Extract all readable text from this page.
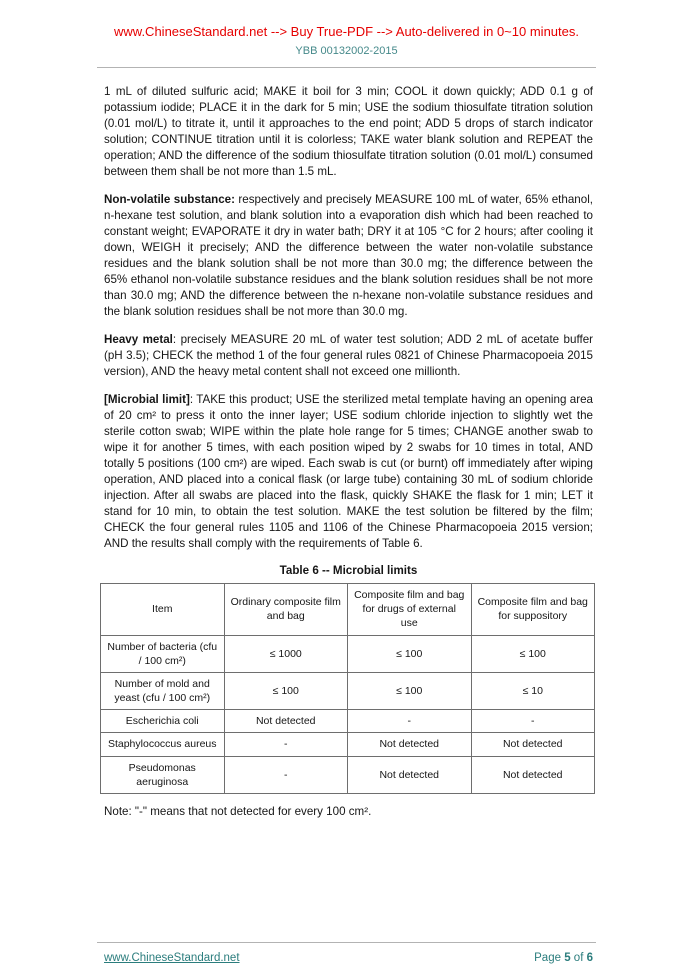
www.ChineseStandard.net --> Buy True-PDF --> Auto-delivered in 0~10 minutes.
YBB 00132002-2015

1 mL of diluted sulfuric acid; MAKE it boil for 3 min; COOL it down quickly; ADD 0.1 g of potassium iodide; PLACE it in the dark for 5 min; USE the sodium thiosulfate titration solution (0.01 mol/L) to titrate it, until it approaches to the end point; ADD 5 drops of starch indicator solution; CONTINUE titration until it is colorless; TAKE water blank solution and REPEAT the operation; AND the difference of the sodium thiosulfate titration solution (0.01 mol/L) consumed between them shall be not more than 1.5 mL.

Non-volatile substance: respectively and precisely MEASURE 100 mL of water, 65% ethanol, n-hexane test solution, and blank solution into a evaporation dish which had been reached to constant weight; EVAPORATE it dry in water bath; DRY it at 105 °C for 2 hours; after cooling it down, WEIGH it precisely; AND the difference between the water non-volatile substance residues and the blank solution shall be not more than 30.0 mg; the difference between the 65% ethanol non-volatile substance residues and the blank solution residues shall be not more than 30.0 mg; AND the difference between the n-hexane non-volatile substance residues and the blank solution residues shall be not more than 30.0 mg.

Heavy metal: precisely MEASURE 20 mL of water test solution; ADD 2 mL of acetate buffer (pH 3.5); CHECK the method 1 of the four general rules 0821 of Chinese Pharmacopoeia 2015 version), AND the heavy metal content shall not exceed one millionth.

[Microbial limit]: TAKE this product; USE the sterilized metal template having an opening area of 20 cm² to press it onto the inner layer; USE sodium chloride injection to slightly wet the sterile cotton swab; WIPE within the plate hole range for 5 times; CHANGE another swab to wipe it for another 5 times, with each position wiped by 2 swabs for 10 times in total, AND totally 5 positions (100 cm²) are wiped. Each swab is cut (or burnt) off immediately after wiping operation, AND placed into a conical flask (or large tube) containing 30 mL of sodium chloride injection. After all swabs are placed into the flask, quickly SHAKE the flask for 1 min; LET it stand for 10 min, to obtain the test solution. MAKE the test solution be filtered by the film; CHECK the four general rules 1105 and 1106 of the Chinese Pharmacopoeia 2015 version; AND the results shall comply with the requirements of Table 6.

Table 6 -- Microbial limits
Item	Ordinary composite film and bag	Composite film and bag for drugs of external use	Composite film and bag for suppository
Number of bacteria (cfu / 100 cm²)	≤ 1000	≤ 100	≤ 100
Number of mold and yeast (cfu / 100 cm²)	≤ 100	≤ 100	≤ 10
Escherichia coli	Not detected	-	-
Staphylococcus aureus	-	Not detected	Not detected
Pseudomonas aeruginosa	-	Not detected	Not detected

Note: "-" means that not detected for every 100 cm².

www.ChineseStandard.net	Page 5 of 6
